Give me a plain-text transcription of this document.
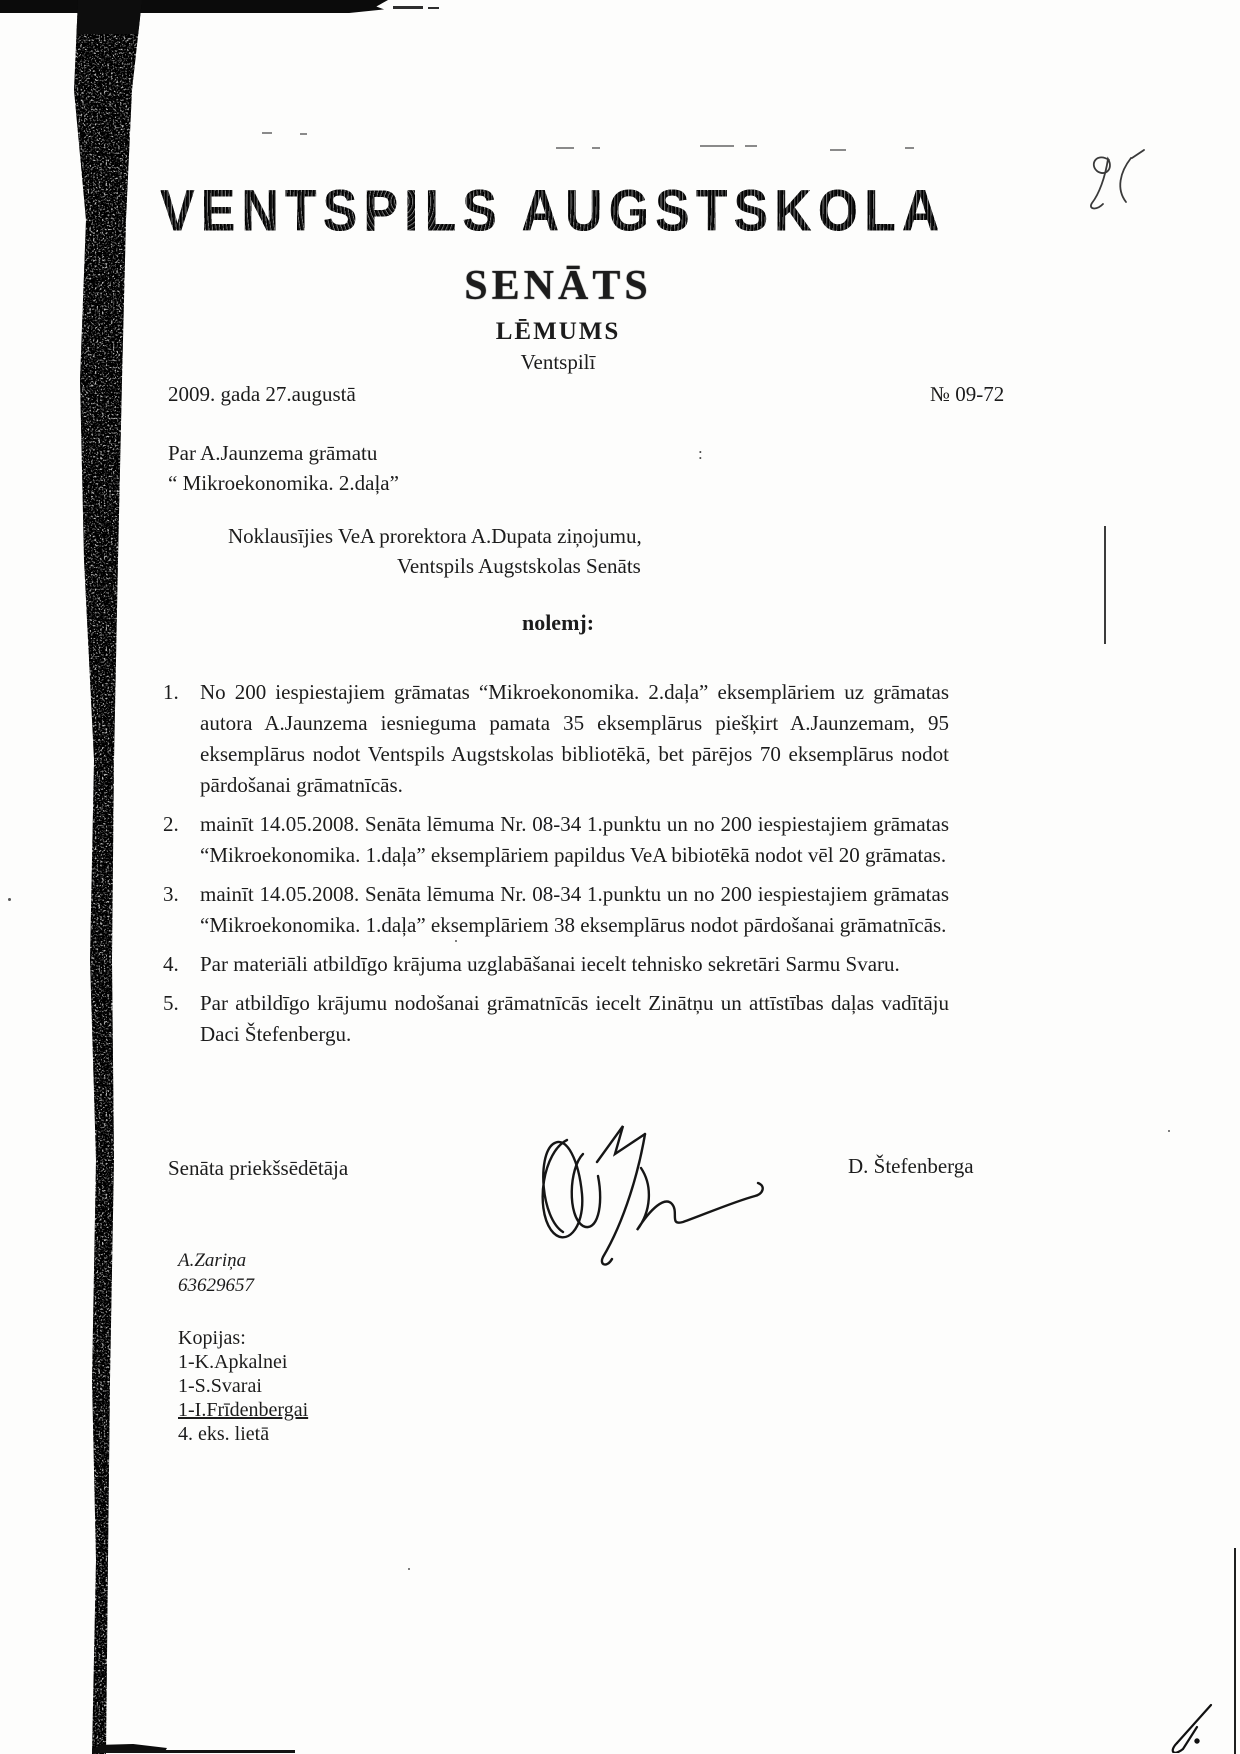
VENTSPILS AUGSTSKOLA
SENĀTS
LĒMUMS
Ventspilī
2009. gada 27.augustā	№ 09-72
Par A.Jaunzema grāmatu
“ Mikroekonomika. 2.daļa”
:
Noklausījies VeA prorektora A.Dupata ziņojumu,
Ventspils Augstskolas Senāts
nolemj:
1.	No 200 iespiestajiem grāmatas “Mikroekonomika. 2.daļa” eksemplāriem uz grāmatas autora A.Jaunzema iesnieguma pamata 35 eksemplārus piešķirt A.Jaunzemam, 95 eksemplārus nodot Ventspils Augstskolas bibliotēkā, bet pārējos 70 eksemplārus nodot pārdošanai grāmatnīcās.
2.	mainīt 14.05.2008. Senāta lēmuma Nr. 08-34 1.punktu un no 200 iespiestajiem grāmatas “Mikroekonomika. 1.daļa” eksemplāriem papildus VeA bibiotēkā nodot vēl 20 grāmatas.
3.	mainīt 14.05.2008. Senāta lēmuma Nr. 08-34 1.punktu un no 200 iespiestajiem grāmatas “Mikroekonomika. 1.daļa” eksemplāriem 38 eksemplārus nodot pārdošanai grāmatnīcās.
4.	Par materiāli atbildīgo krājuma uzglabāšanai iecelt tehnisko sekretāri Sarmu Svaru.
5.	Par atbildīgo krājumu nodošanai grāmatnīcās iecelt Zinātņu un attīstības daļas vadītāju Daci Štefenbergu.
Senāta priekšsēdētāja	D. Štefenberga
A.Zariņa
63629657
Kopijas:
1-K.Apkalnei
1-S.Svarai
1-I.Frīdenbergai
4. eks. lietā
